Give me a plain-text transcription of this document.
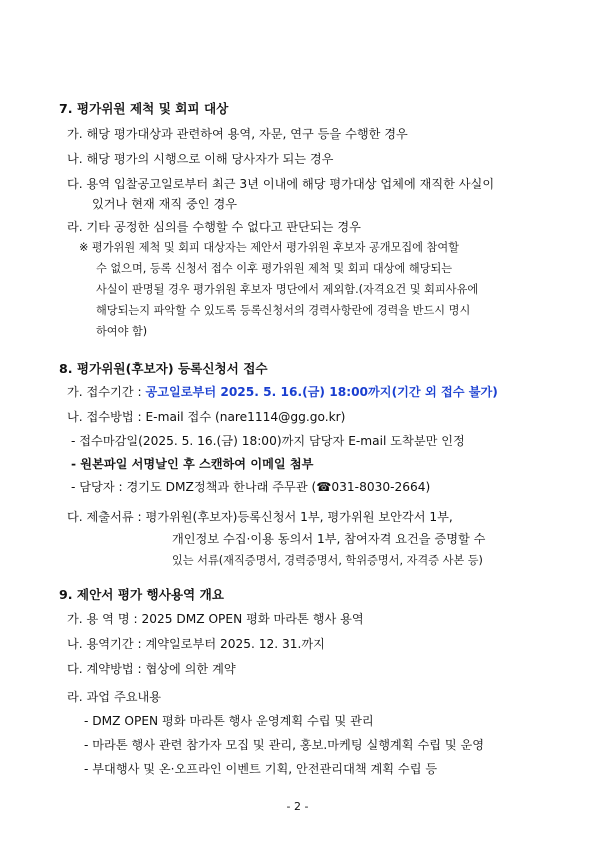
7. 평가위원 제척 및 회피 대상
가. 해당 평가대상과 관련하여 용역, 자문, 연구 등을 수행한 경우
나. 해당 평가의 시행으로 이해 당사자가 되는 경우
다. 용역 입찰공고일로부터 최근 3년 이내에 해당 평가대상 업체에 재직한 사실이
있거나 현재 재직 중인 경우
라. 기타 공정한 심의를 수행할 수 없다고 판단되는 경우
※ 평가위원 제척 및 회피 대상자는 제안서 평가위원 후보자 공개모집에 참여할
수 없으며, 등록 신청서 접수 이후 평가위원 제척 및 회피 대상에 해당되는
사실이 판명될 경우 평가위원 후보자 명단에서 제외함.(자격요건 및 회피사유에
해당되는지 파악할 수 있도록 등록신청서의 경력사항란에 경력을 반드시 명시
하여야 함)
8. 평가위원(후보자) 등록신청서 접수
가. 접수기간 : 공고일로부터 2025. 5. 16.(금) 18:00까지(기간 외 접수 불가)
나. 접수방법 : E-mail 접수 (nare1114@gg.go.kr)
- 접수마감일(2025. 5. 16.(금) 18:00)까지 담당자 E-mail 도착분만 인정
- 원본파일 서명날인 후 스캔하여 이메일 첨부
- 담당자 : 경기도 DMZ정책과 한나래 주무관 (☎031-8030-2664)
다. 제출서류 : 평가위원(후보자)등록신청서 1부, 평가위원 보안각서 1부,
개인정보 수집·이용 동의서 1부, 참여자격 요건을 증명할 수
있는 서류(재직증명서, 경력증명서, 학위증명서, 자격증 사본 등)
9. 제안서 평가 행사용역 개요
가. 용 역 명 : 2025 DMZ OPEN 평화 마라톤 행사 용역
나. 용역기간 : 계약일로부터 2025. 12. 31.까지
다. 계약방법 : 협상에 의한 계약
라. 과업 주요내용
- DMZ OPEN 평화 마라톤 행사 운영계획 수립 및 관리
- 마라톤 행사 관련 참가자 모집 및 관리, 홍보.마케팅 실행계획 수립 및 운영
- 부대행사 및 온·오프라인 이벤트 기획, 안전관리대책 계획 수립 등
- 2 -
